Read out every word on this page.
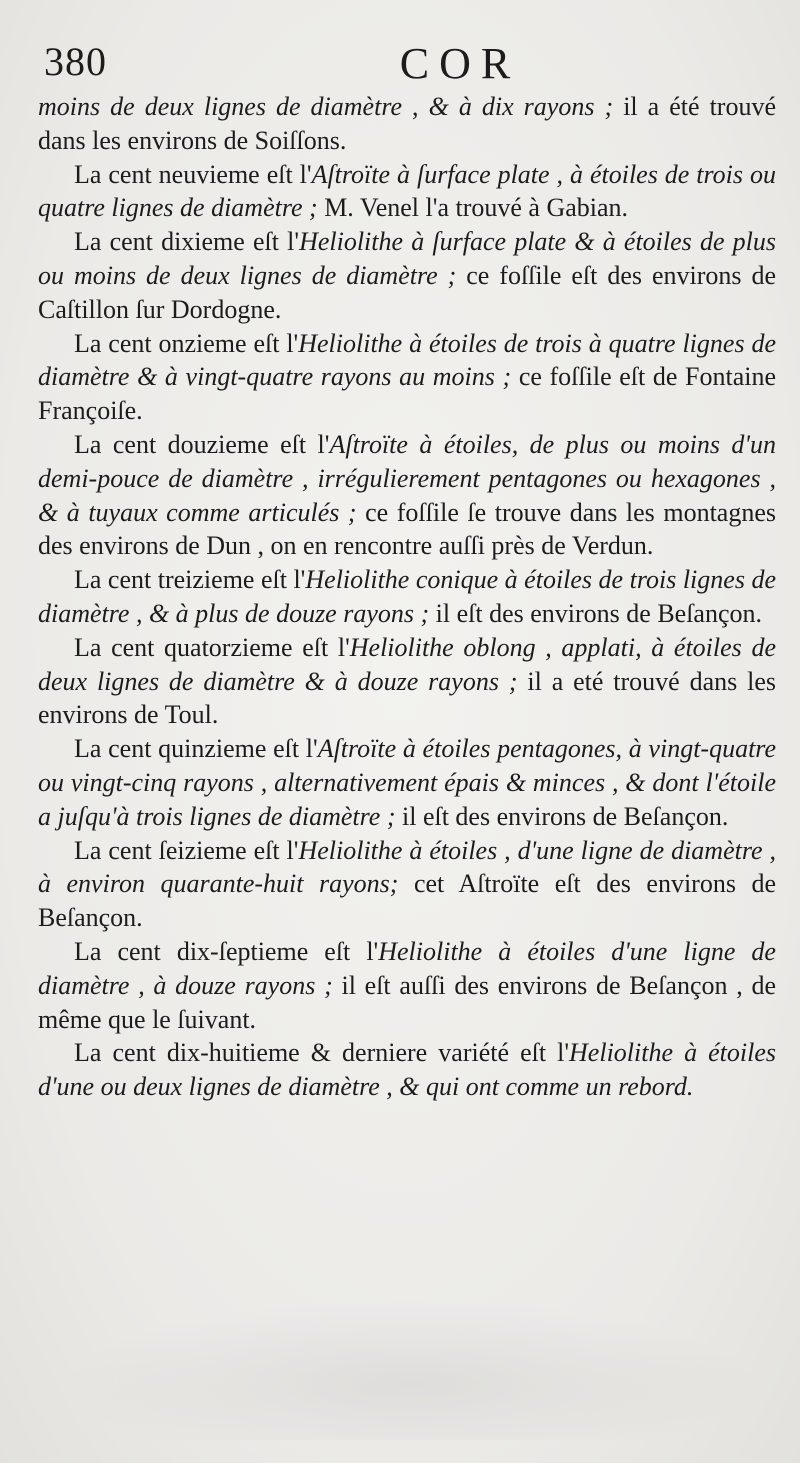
380	COR

moins de deux lignes de diamètre , & à dix rayons ; il a été trouvé dans les environs de Soiſſons.

La cent neuvieme eſt l'Aſtroïte à ſurface plate , à étoiles de trois ou quatre lignes de diamètre ; M. Venel l'a trouvé à Gabian.

La cent dixieme eſt l'Heliolithe à ſurface plate & à étoiles de plus ou moins de deux lignes de diamètre ; ce foſſile eſt des environs de Caſtillon ſur Dordogne.

La cent onzieme eſt l'Heliolithe à étoiles de trois à quatre lignes de diamètre & à vingt-quatre rayons au moins ; ce foſſile eſt de Fontaine Françoiſe.

La cent douzieme eſt l'Aſtroïte à étoiles, de plus ou moins d'un demi-pouce de diamètre , irrégulierement pentagones ou hexagones , & à tuyaux comme articulés ; ce foſſile ſe trouve dans les montagnes des environs de Dun , on en rencontre auſſi près de Verdun.

La cent treizieme eſt l'Heliolithe conique à étoiles de trois lignes de diamètre , & à plus de douze rayons ; il eſt des environs de Beſançon.

La cent quatorzieme eſt l'Heliolithe oblong , applati, à étoiles de deux lignes de diamètre & à douze rayons ; il a eté trouvé dans les environs de Toul.

La cent quinzieme eſt l'Aſtroïte à étoiles pentagones, à vingt-quatre ou vingt-cinq rayons , alternativement épais & minces , & dont l'étoile a juſqu'à trois lignes de diamètre ; il eſt des environs de Beſançon.

La cent ſeizieme eſt l'Heliolithe à étoiles , d'une ligne de diamètre , à environ quarante-huit rayons; cet Aſtroïte eſt des environs de Beſançon.

La cent dix-ſeptieme eſt l'Heliolithe à étoiles d'une ligne de diamètre , à douze rayons ; il eſt auſſi des environs de Beſançon , de même que le ſuivant.

La cent dix-huitieme & derniere variété eſt l'Heliolithe à étoiles d'une ou deux lignes de diamètre , & qui ont comme un rebord.
